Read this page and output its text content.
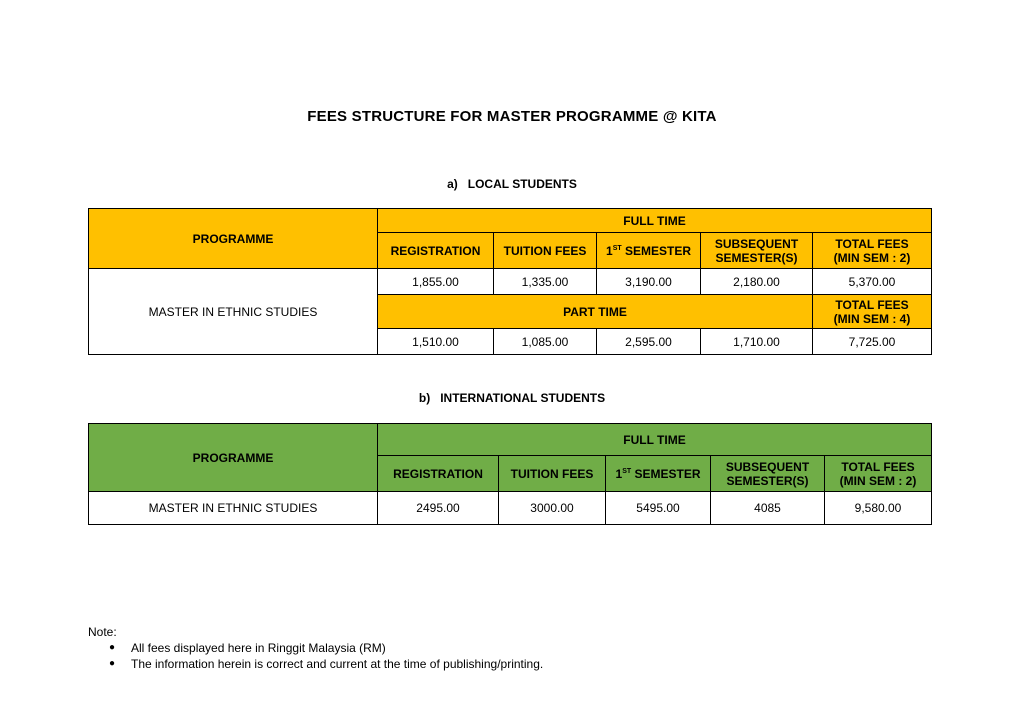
FEES STRUCTURE FOR MASTER PROGRAMME @ KITA
a) LOCAL STUDENTS
PROGRAMME	FULL TIME				
	REGISTRATION	TUITION FEES	1ST SEMESTER	SUBSEQUENT
SEMESTER(S)	TOTAL FEES
(MIN SEM : 2)
MASTER IN ETHNIC STUDIES	1,855.00	1,335.00	3,190.00	2,180.00	5,370.00
	PART TIME				TOTAL FEES
(MIN SEM : 4)
	1,510.00	1,085.00	2,595.00	1,710.00	7,725.00
b) INTERNATIONAL STUDENTS
PROGRAMME	FULL TIME				
	REGISTRATION	TUITION FEES	1ST SEMESTER	SUBSEQUENT
SEMESTER(S)	TOTAL FEES
(MIN SEM : 2)
MASTER IN ETHNIC STUDIES	2495.00	3000.00	5495.00	4085	9,580.00
Note:
● All fees displayed here in Ringgit Malaysia (RM)
● The information herein is correct and current at the time of publishing/printing.
